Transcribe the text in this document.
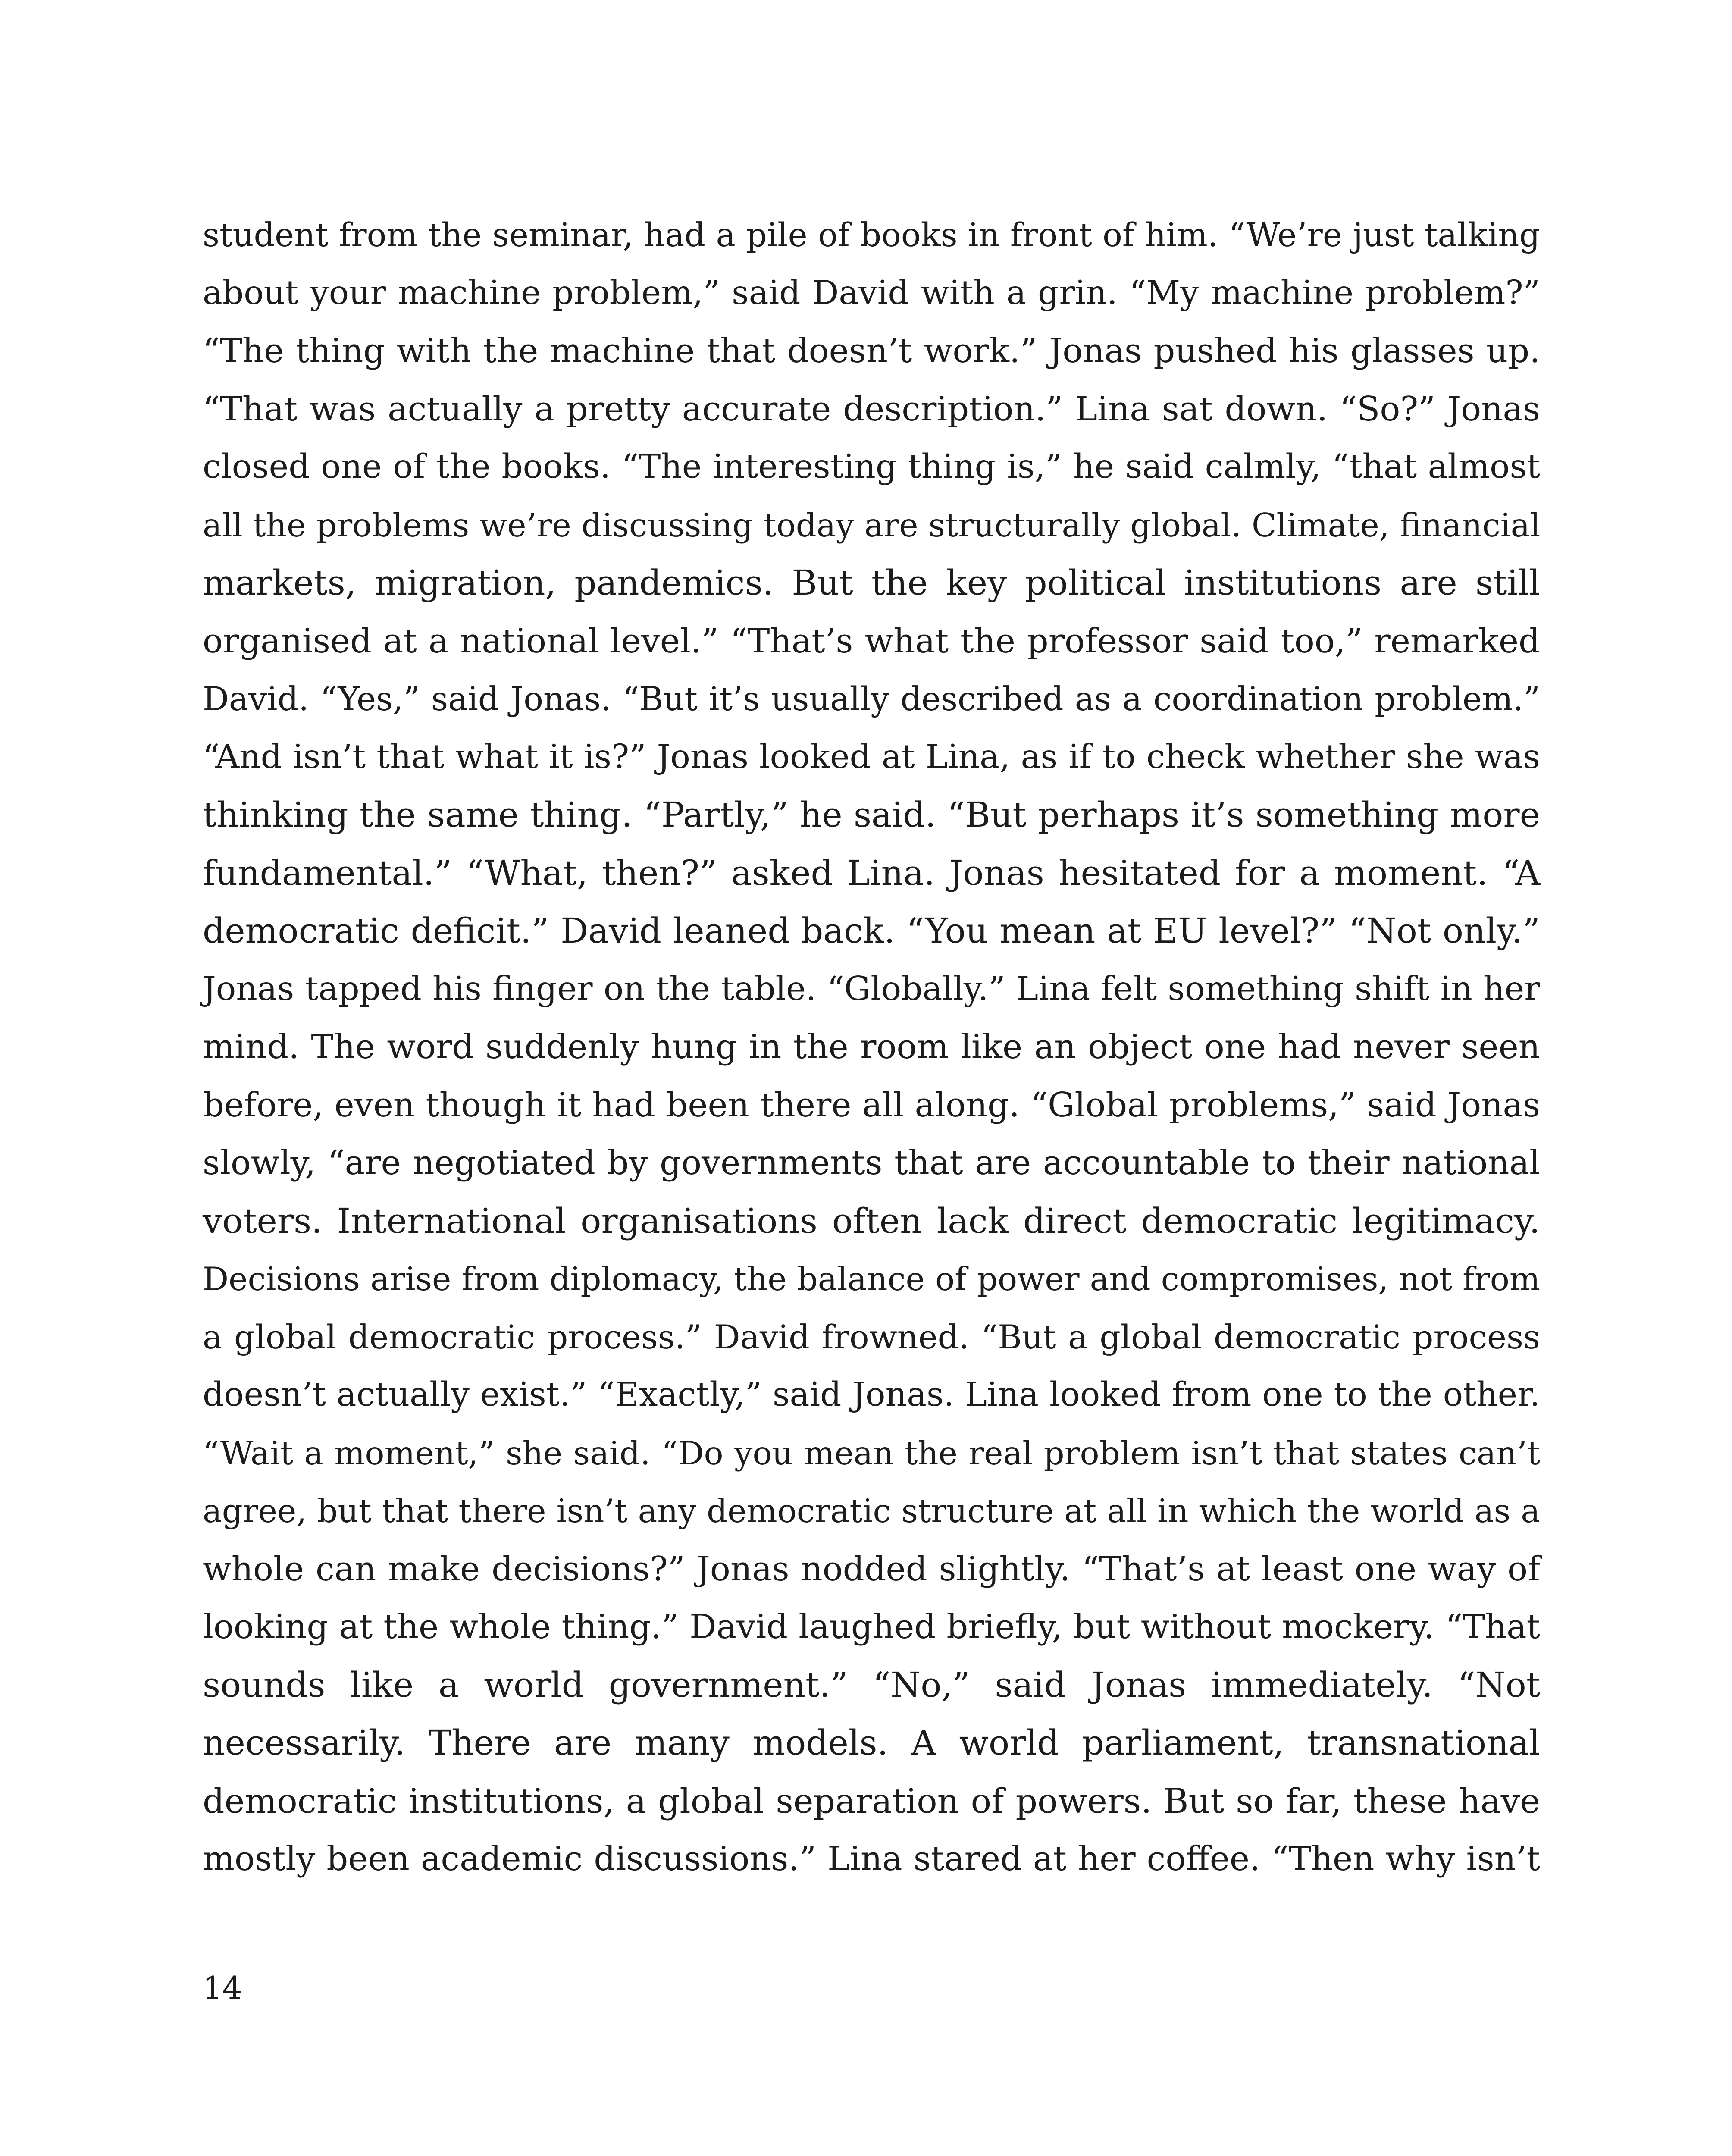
student from the seminar, had a pile of books in front of him. “We’re just talking
about your machine problem,” said David with a grin. “My machine problem?”
“The thing with the machine that doesn’t work.” Jonas pushed his glasses up.
“That was actually a pretty accurate description.” Lina sat down. “So?” Jonas
closed one of the books. “The interesting thing is,” he said calmly, “that almost
all the problems we’re discussing today are structurally global. Climate, financial
markets, migration, pandemics. But the key political institutions are still
organised at a national level.” “That’s what the professor said too,” remarked
David. “Yes,” said Jonas. “But it’s usually described as a coordination problem.”
“And isn’t that what it is?” Jonas looked at Lina, as if to check whether she was
thinking the same thing. “Partly,” he said. “But perhaps it’s something more
fundamental.” “What, then?” asked Lina. Jonas hesitated for a moment. “A
democratic deficit.” David leaned back. “You mean at EU level?” “Not only.”
Jonas tapped his finger on the table. “Globally.” Lina felt something shift in her
mind. The word suddenly hung in the room like an object one had never seen
before, even though it had been there all along. “Global problems,” said Jonas
slowly, “are negotiated by governments that are accountable to their national
voters. International organisations often lack direct democratic legitimacy.
Decisions arise from diplomacy, the balance of power and compromises, not from
a global democratic process.” David frowned. “But a global democratic process
doesn’t actually exist.” “Exactly,” said Jonas. Lina looked from one to the other.
“Wait a moment,” she said. “Do you mean the real problem isn’t that states can’t
agree, but that there isn’t any democratic structure at all in which the world as a
whole can make decisions?” Jonas nodded slightly. “That’s at least one way of
looking at the whole thing.” David laughed briefly, but without mockery. “That
sounds like a world government.” “No,” said Jonas immediately. “Not
necessarily. There are many models. A world parliament, transnational
democratic institutions, a global separation of powers. But so far, these have
mostly been academic discussions.” Lina stared at her coffee. “Then why isn’t
14
